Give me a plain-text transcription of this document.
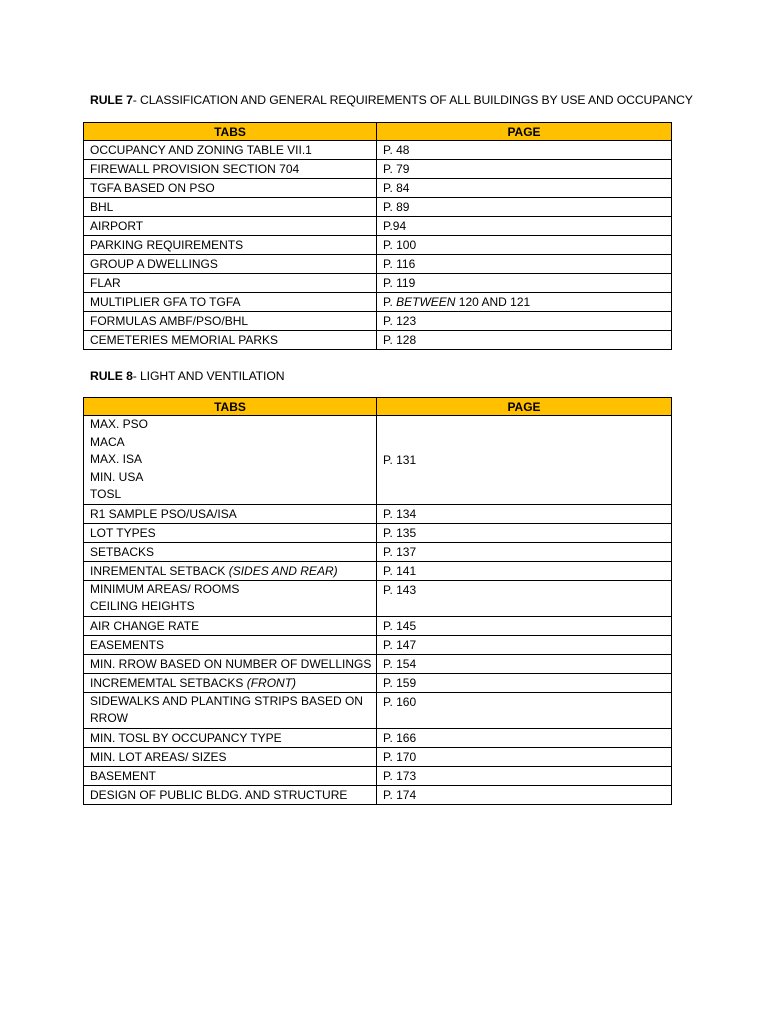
RULE 7- CLASSIFICATION AND GENERAL REQUIREMENTS OF ALL BUILDINGS BY USE AND OCCUPANCY
TABS	PAGE
OCCUPANCY AND ZONING TABLE VII.1	P. 48
FIREWALL PROVISION SECTION 704	P. 79
TGFA BASED ON PSO	P. 84
BHL	P. 89
AIRPORT	P.94
PARKING REQUIREMENTS	P. 100
GROUP A DWELLINGS	P. 116
FLAR	P. 119
MULTIPLIER GFA TO TGFA	P. BETWEEN 120 AND 121
FORMULAS AMBF/PSO/BHL	P. 123
CEMETERIES MEMORIAL PARKS	P. 128
RULE 8- LIGHT AND VENTILATION
TABS	PAGE

MAX. PSO
MACA
MAX. ISA
MIN. USA
TOSL	P. 131
R1 SAMPLE PSO/USA/ISA	P. 134
LOT TYPES	P. 135
SETBACKS	P. 137
INREMENTAL SETBACK (SIDES AND REAR)	P. 141

MINIMUM AREAS/ ROOMS
CEILING HEIGHTS	P. 143
AIR CHANGE RATE	P. 145
EASEMENTS	P. 147
MIN. RROW BASED ON NUMBER OF DWELLINGS	P. 154
INCREMEMTAL SETBACKS (FRONT)	P. 159

SIDEWALKS AND PLANTING STRIPS BASED ON
RROW	P. 160
MIN. TOSL BY OCCUPANCY TYPE	P. 166
MIN. LOT AREAS/ SIZES	P. 170
BASEMENT	P. 173
DESIGN OF PUBLIC BLDG. AND STRUCTURE	P. 174
